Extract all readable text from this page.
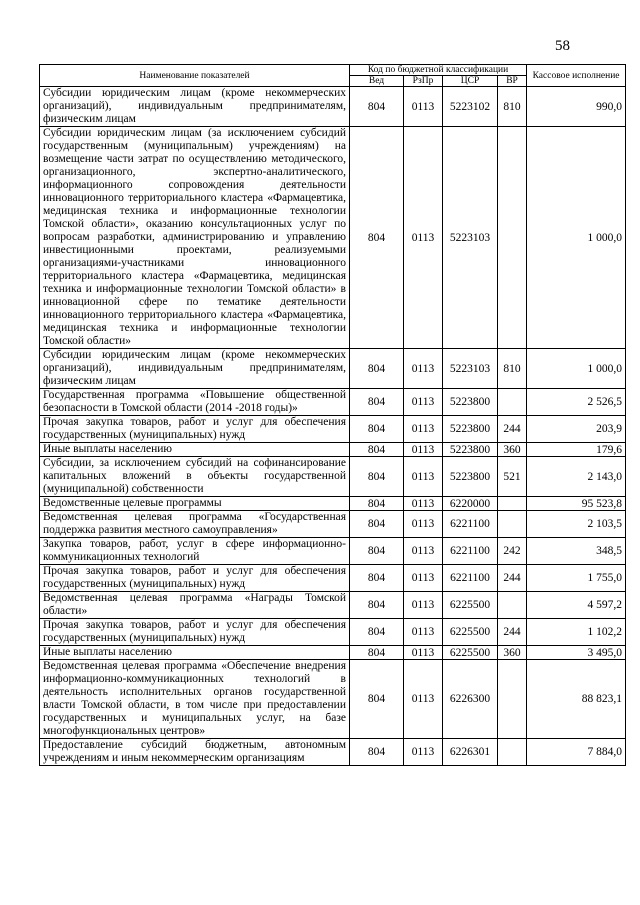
58
Наименование показателей	Код по бюджетной классификации				Кассовое исполнение
	Вед	РзПр	ЦСР	ВР	
Субсидии юридическим лицам (кроме некоммерческих организаций), индивидуальным предпринимателям, физическим лицам	804	0113	5223102	810	990,0
Субсидии юридическим лицам (за исключением субсидий государственным (муниципальным) учреждениям) на возмещение части затрат по осуществлению методического, организационного, экспертно-аналитического, информационного сопровождения деятельности инновационного территориального кластера «Фармацевтика, медицинская техника и информационные технологии Томской области», оказанию консультационных услуг по вопросам разработки, администрированию и управлению инвестиционными проектами, реализуемыми организациями-участниками инновационного территориального кластера «Фармацевтика, медицинская техника и информационные технологии Томской области» в инновационной сфере по тематике деятельности инновационного территориального кластера «Фармацевтика, медицинская техника и информационные технологии Томской области»	804	0113	5223103		1 000,0
Субсидии юридическим лицам (кроме некоммерческих организаций), индивидуальным предпринимателям, физическим лицам	804	0113	5223103	810	1 000,0
Государственная программа «Повышение общественной безопасности в Томской области (2014 -2018 годы)»	804	0113	5223800		2 526,5
Прочая закупка товаров, работ и услуг для обеспечения государственных (муниципальных) нужд	804	0113	5223800	244	203,9
Иные выплаты населению	804	0113	5223800	360	179,6
Субсидии, за исключением субсидий на софинансирование капитальных вложений в объекты государственной (муниципальной) собственности	804	0113	5223800	521	2 143,0
Ведомственные целевые программы	804	0113	6220000		95 523,8
Ведомственная целевая программа «Государственная поддержка развития местного самоуправления»	804	0113	6221100		2 103,5
Закупка товаров, работ, услуг в сфере информационно-коммуникационных технологий	804	0113	6221100	242	348,5
Прочая закупка товаров, работ и услуг для обеспечения государственных (муниципальных) нужд	804	0113	6221100	244	1 755,0
Ведомственная целевая программа «Награды Томской области»	804	0113	6225500		4 597,2
Прочая закупка товаров, работ и услуг для обеспечения государственных (муниципальных) нужд	804	0113	6225500	244	1 102,2
Иные выплаты населению	804	0113	6225500	360	3 495,0
Ведомственная целевая программа «Обеспечение внедрения информационно-коммуникационных технологий в деятельность исполнительных органов государственной власти Томской области, в том числе при предоставлении государственных и муниципальных услуг, на базе многофункциональных центров»	804	0113	6226300		88 823,1
Предоставление субсидий бюджетным, автономным учреждениям и иным некоммерческим организациям	804	0113	6226301		7 884,0
